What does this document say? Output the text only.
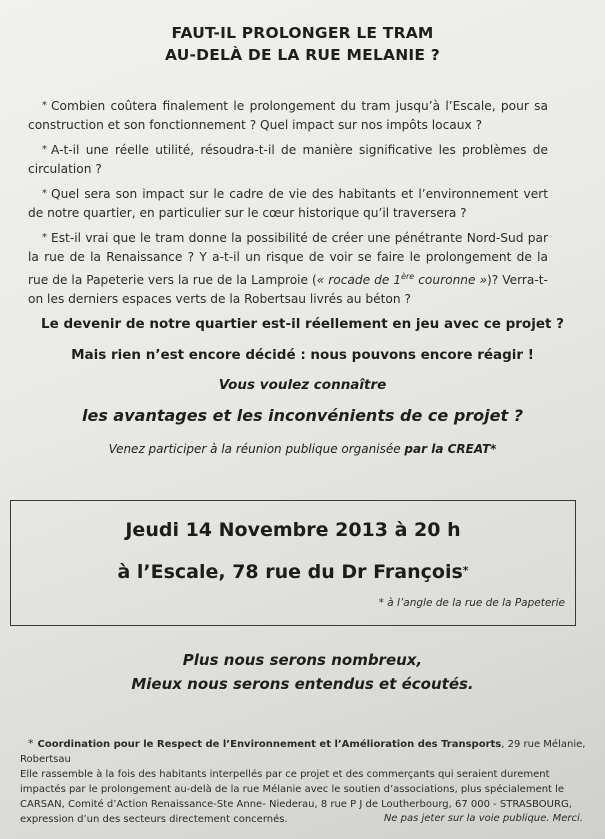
FAUT-IL PROLONGER LE TRAM
AU-DELÀ DE LA RUE MELANIE ?
* Combien coûtera finalement le prolongement du tram jusqu’à l’Escale, pour sa construction et son fonctionnement ? Quel impact sur nos impôts locaux ?
* A-t-il une réelle utilité, résoudra-t-il de manière significative les problèmes de circulation ?
* Quel sera son impact sur le cadre de vie des habitants et l’environnement vert de notre quartier, en particulier sur le cœur historique qu’il traversera ?
* Est-il vrai que le tram donne la possibilité de créer une pénétrante Nord-Sud par la rue de la Renaissance ? Y a-t-il un risque de voir se faire le prolongement de la rue de la Papeterie vers la rue de la Lamproie (« rocade de 1ère couronne »)? Verra-t-on les derniers espaces verts de la Robertsau livrés au béton ?
Le devenir de notre quartier est-il réellement en jeu avec ce projet ?
Mais rien n’est encore décidé : nous pouvons encore réagir !
Vous voulez connaître
les avantages et les inconvénients de ce projet ?
Venez participer à la réunion publique organisée par la CREAT*
Jeudi 14 Novembre 2013 à 20 h
à l’Escale, 78 rue du Dr François*
* à l’angle de la rue de la Papeterie
Plus nous serons nombreux,
Mieux nous serons entendus et écoutés.
* Coordination pour le Respect de l’Environnement et l’Amélioration des Transports, 29 rue Mélanie, Robertsau
Elle rassemble à la fois des habitants interpellés par ce projet et des commerçants qui seraient durement impactés par le prolongement au-delà de la rue Mélanie avec le soutien d’associations, plus spécialement le CARSAN, Comité d’Action Renaissance-Ste Anne- Niederau, 8 rue P J de Loutherbourg, 67 000 - STRASBOURG, expression d’un des secteurs directement concernés.	Ne pas jeter sur la voie publique. Merci.
